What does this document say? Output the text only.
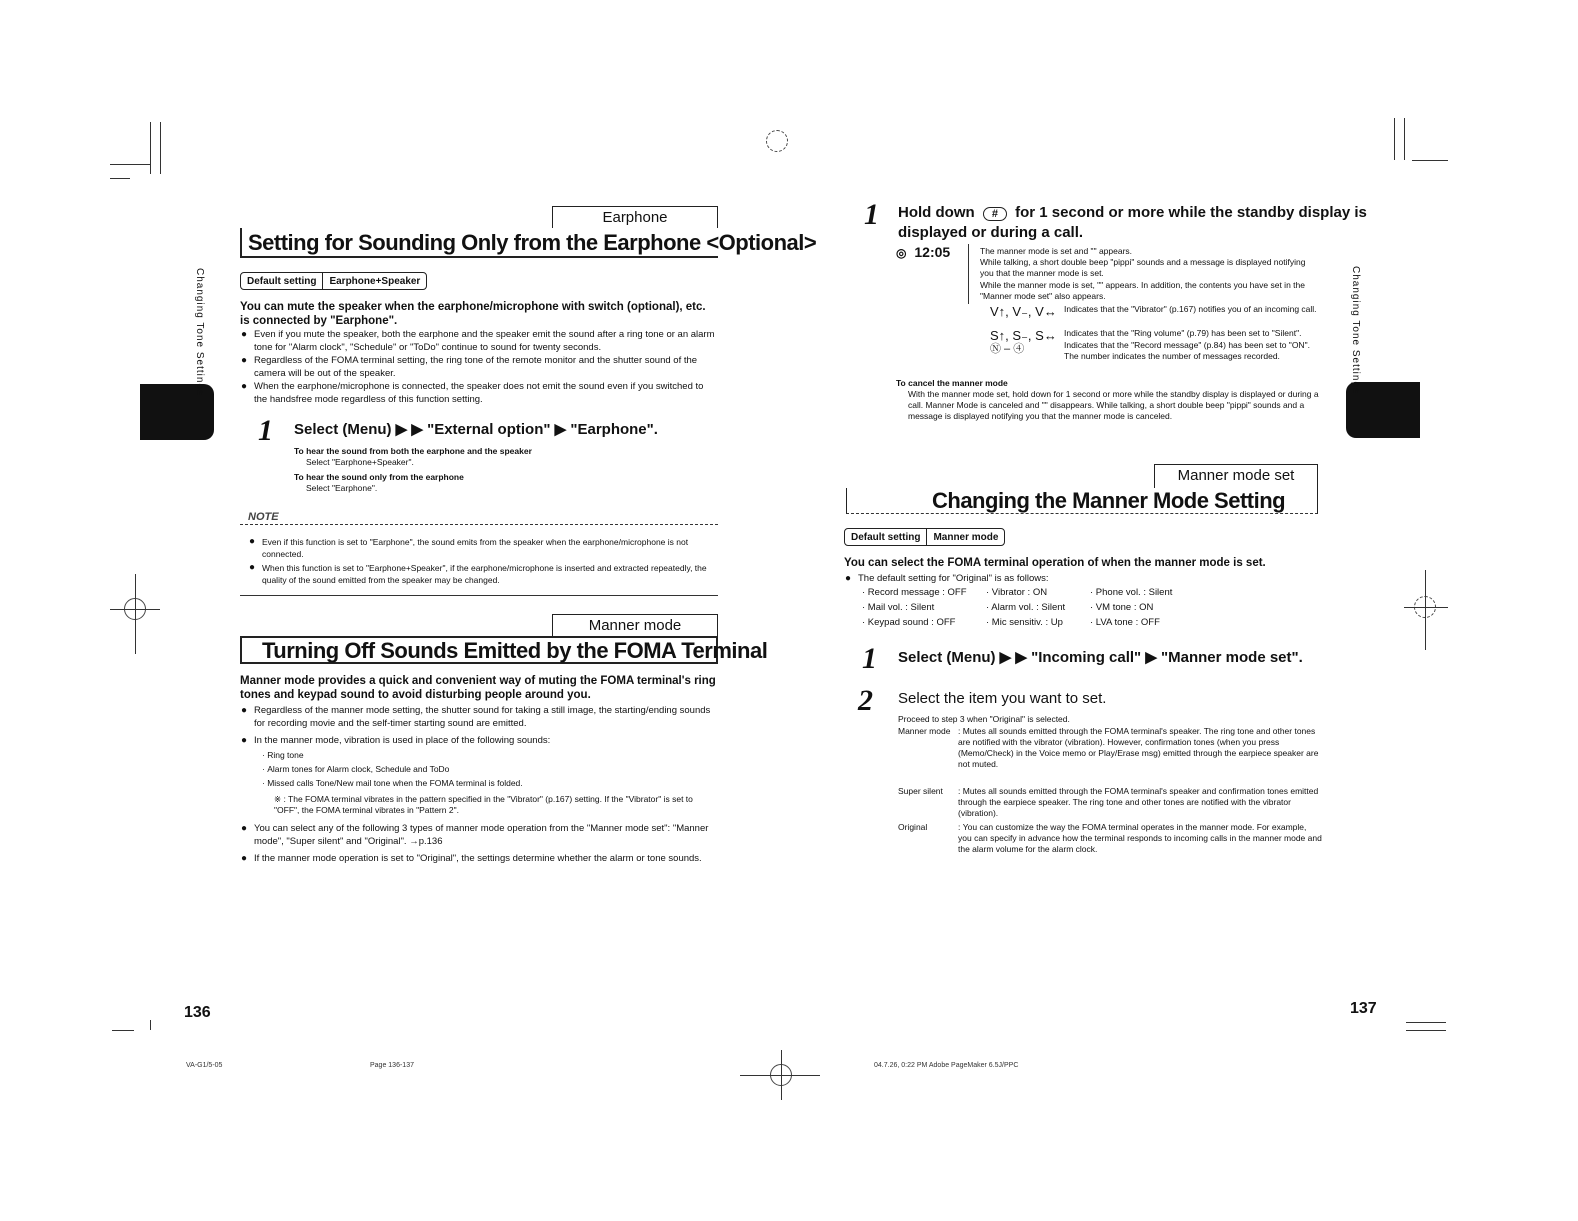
Changing Tone Settings
Earphone
Setting for Sounding Only from the Earphone <Optional>
Default setting	Earphone+Speaker
You can mute the speaker when the earphone/microphone with switch (optional), etc. is connected by "Earphone".
● Even if you mute the speaker, both the earphone and the speaker emit the sound after a ring tone or an alarm tone for "Alarm clock", "Schedule" or "ToDo" continue to sound for twenty seconds.
● Regardless of the FOMA terminal setting, the ring tone of the remote monitor and the shutter sound of the camera will be out of the speaker.
● When the earphone/microphone is connected, the speaker does not emit the sound even if you switched to the handsfree mode regardless of this function setting.
1 Select (Menu) ▶ ▶ "External option" ▶ "Earphone".
To hear the sound from both the earphone and the speaker
Select "Earphone+Speaker".
To hear the sound only from the earphone
Select "Earphone".
NOTE
● Even if this function is set to "Earphone", the sound emits from the speaker when the earphone/microphone is not connected.
● When this function is set to "Earphone+Speaker", if the earphone/microphone is inserted and extracted repeatedly, the quality of the sound emitted from the speaker may be changed.
Manner mode
Turning Off Sounds Emitted by the FOMA Terminal
Manner mode provides a quick and convenient way of muting the FOMA terminal's ring tones and keypad sound to avoid disturbing people around you.
● Regardless of the manner mode setting, the shutter sound for taking a still image, the starting/ending sounds for recording movie and the self-timer starting sound are emitted.
● In the manner mode, vibration is used in place of the following sounds:
· Ring tone
· Alarm tones for Alarm clock, Schedule and ToDo
· Missed calls Tone/New mail tone when the FOMA terminal is folded.
※ : The FOMA terminal vibrates in the pattern specified in the "Vibrator" (p.167) setting. If the "Vibrator" is set to "OFF", the FOMA terminal vibrates in "Pattern 2".
● You can select any of the following 3 types of manner mode operation from the "Manner mode set": "Manner mode", "Super silent" and "Original". →p.136
● If the manner mode operation is set to "Original", the settings determine whether the alarm or tone sounds.
136
VA-G1/5-05	Page 136-137
Changing Tone Settings
1 Hold down # for 1 second or more while the standby display is
displayed or during a call.
◎ 12:05	The manner mode is set and "" appears.
While talking, a short double beep "pippi" sounds and a message is displayed notifying you that the manner mode is set.
While the manner mode is set, "" appears. In addition, the contents you have set in the "Manner mode set" also appears.
V↑, V₋, V↔ Indicates that the "Vibrator" (p.167) notifies you of an incoming call.
S↑, S₋, S↔ Indicates that the "Ring volume" (p.79) has been set to "Silent".
Ⓝ – ④	Indicates that the "Record message" (p.84) has been set to "ON". The number indicates the number of messages recorded.
To cancel the manner mode
With the manner mode set, hold down for 1 second or more while the standby display is displayed or during a call. Manner Mode is canceled and "" disappears. While talking, a short double beep "pippi" sounds and a message is displayed notifying you that the manner mode is canceled.
Manner mode set
Changing the Manner Mode Setting
Default setting	Manner mode
You can select the FOMA terminal operation of when the manner mode is set.
● The default setting for "Original" is as follows:
· Record message : OFF · Vibrator : ON	· Phone vol. : Silent
· Mail vol. : Silent	· Alarm vol. : Silent	· VM tone : ON
· Keypad sound : OFF	· Mic sensitiv. : Up	· LVA tone : OFF
1 Select (Menu) ▶ ▶ "Incoming call" ▶ "Manner mode set".
2 Select the item you want to set.
Proceed to step 3 when "Original" is selected.
Manner mode : Mutes all sounds emitted through the FOMA terminal's speaker. The ring tone and other tones are notified with the vibrator (vibration). However, confirmation tones (when you press (Memo/Check) in the Voice memo or Play/Erase msg) emitted through the earpiece speaker are not muted.
Super silent : Mutes all sounds emitted through the FOMA terminal's speaker and confirmation tones emitted through the earpiece speaker. The ring tone and other tones are notified with the vibrator (vibration).
Original	: You can customize the way the FOMA terminal operates in the manner mode. For example, you can specify in advance how the terminal responds to incoming calls in the manner mode and the alarm volume for the alarm clock.
137
04.7.26, 0:22 PM Adobe PageMaker 6.5J/PPC
